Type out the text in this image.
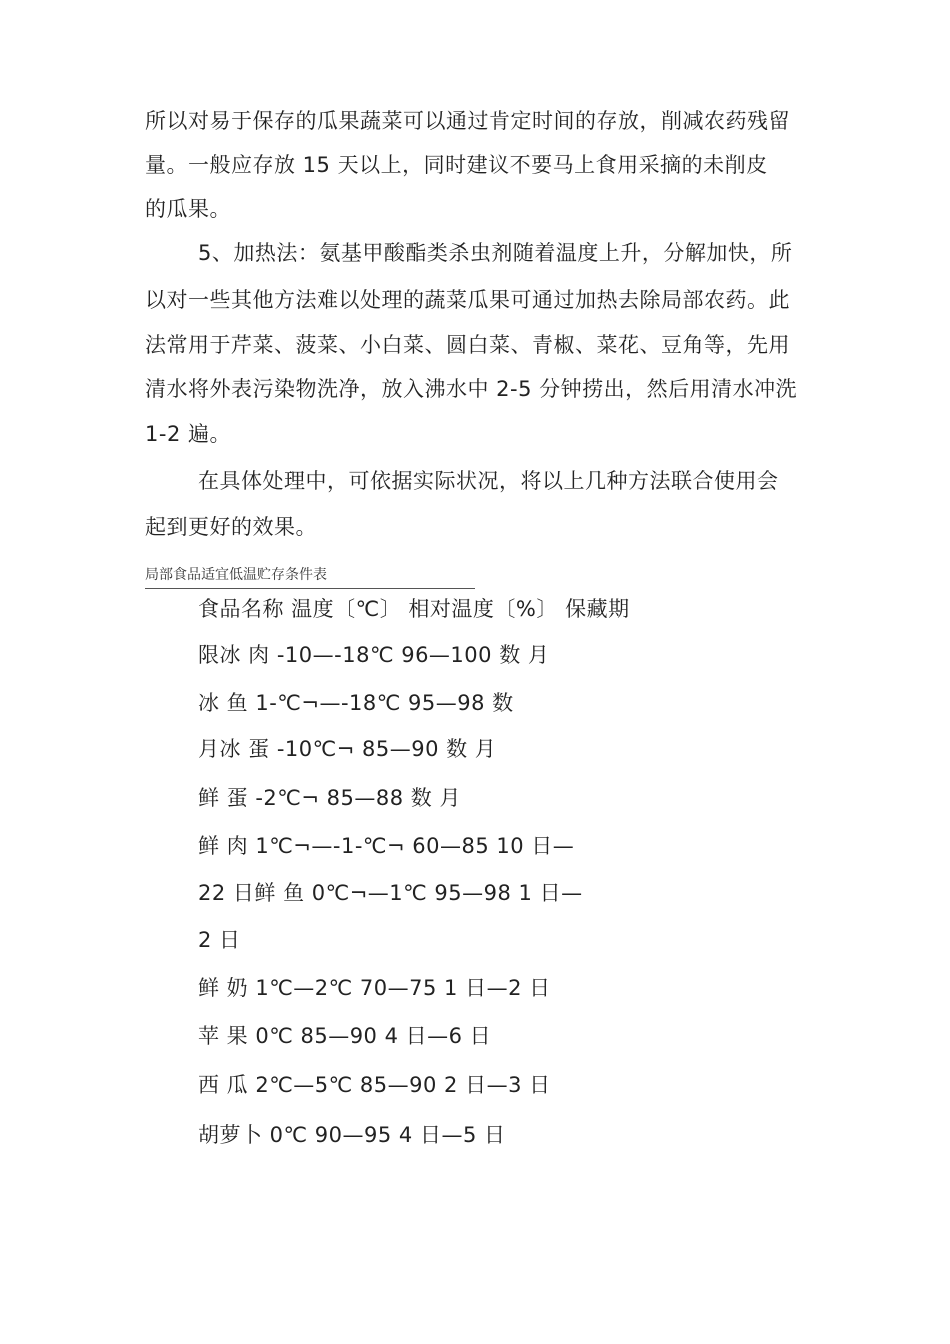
所以对易于保存的瓜果蔬菜可以通过肯定时间的存放，削减农药残留
量。一般应存放 15 天以上，同时建议不要马上食用采摘的未削皮
的瓜果。
5、加热法：氨基甲酸酯类杀虫剂随着温度上升，分解加快，所
以对一些其他方法难以处理的蔬菜瓜果可通过加热去除局部农药。此
法常用于芹菜、菠菜、小白菜、圆白菜、青椒、菜花、豆角等，先用
清水将外表污染物洗净，放入沸水中 2-5 分钟捞出，然后用清水冲洗
1-2 遍。
在具体处理中，可依据实际状况，将以上几种方法联合使用会
起到更好的效果。
局部食品适宜低温贮存条件表
食品名称 温度〔℃〕 相对温度〔%〕 保藏期
限冰 肉 -10—-18℃ 96—100 数 月
冰 鱼 1-℃¬—-18℃ 95—98 数
月冰 蛋 -10℃¬ 85—90 数 月
鲜 蛋 -2℃¬ 85—88 数 月
鲜 肉 1℃¬—-1-℃¬ 60—85 10 日—
22 日鲜 鱼 0℃¬—1℃ 95—98 1 日—
2 日
鲜 奶 1℃—2℃ 70—75 1 日—2 日
苹 果 0℃ 85—90 4 日—6 日
西 瓜 2℃—5℃ 85—90 2 日—3 日
胡萝卜 0℃ 90—95 4 日—5 日
